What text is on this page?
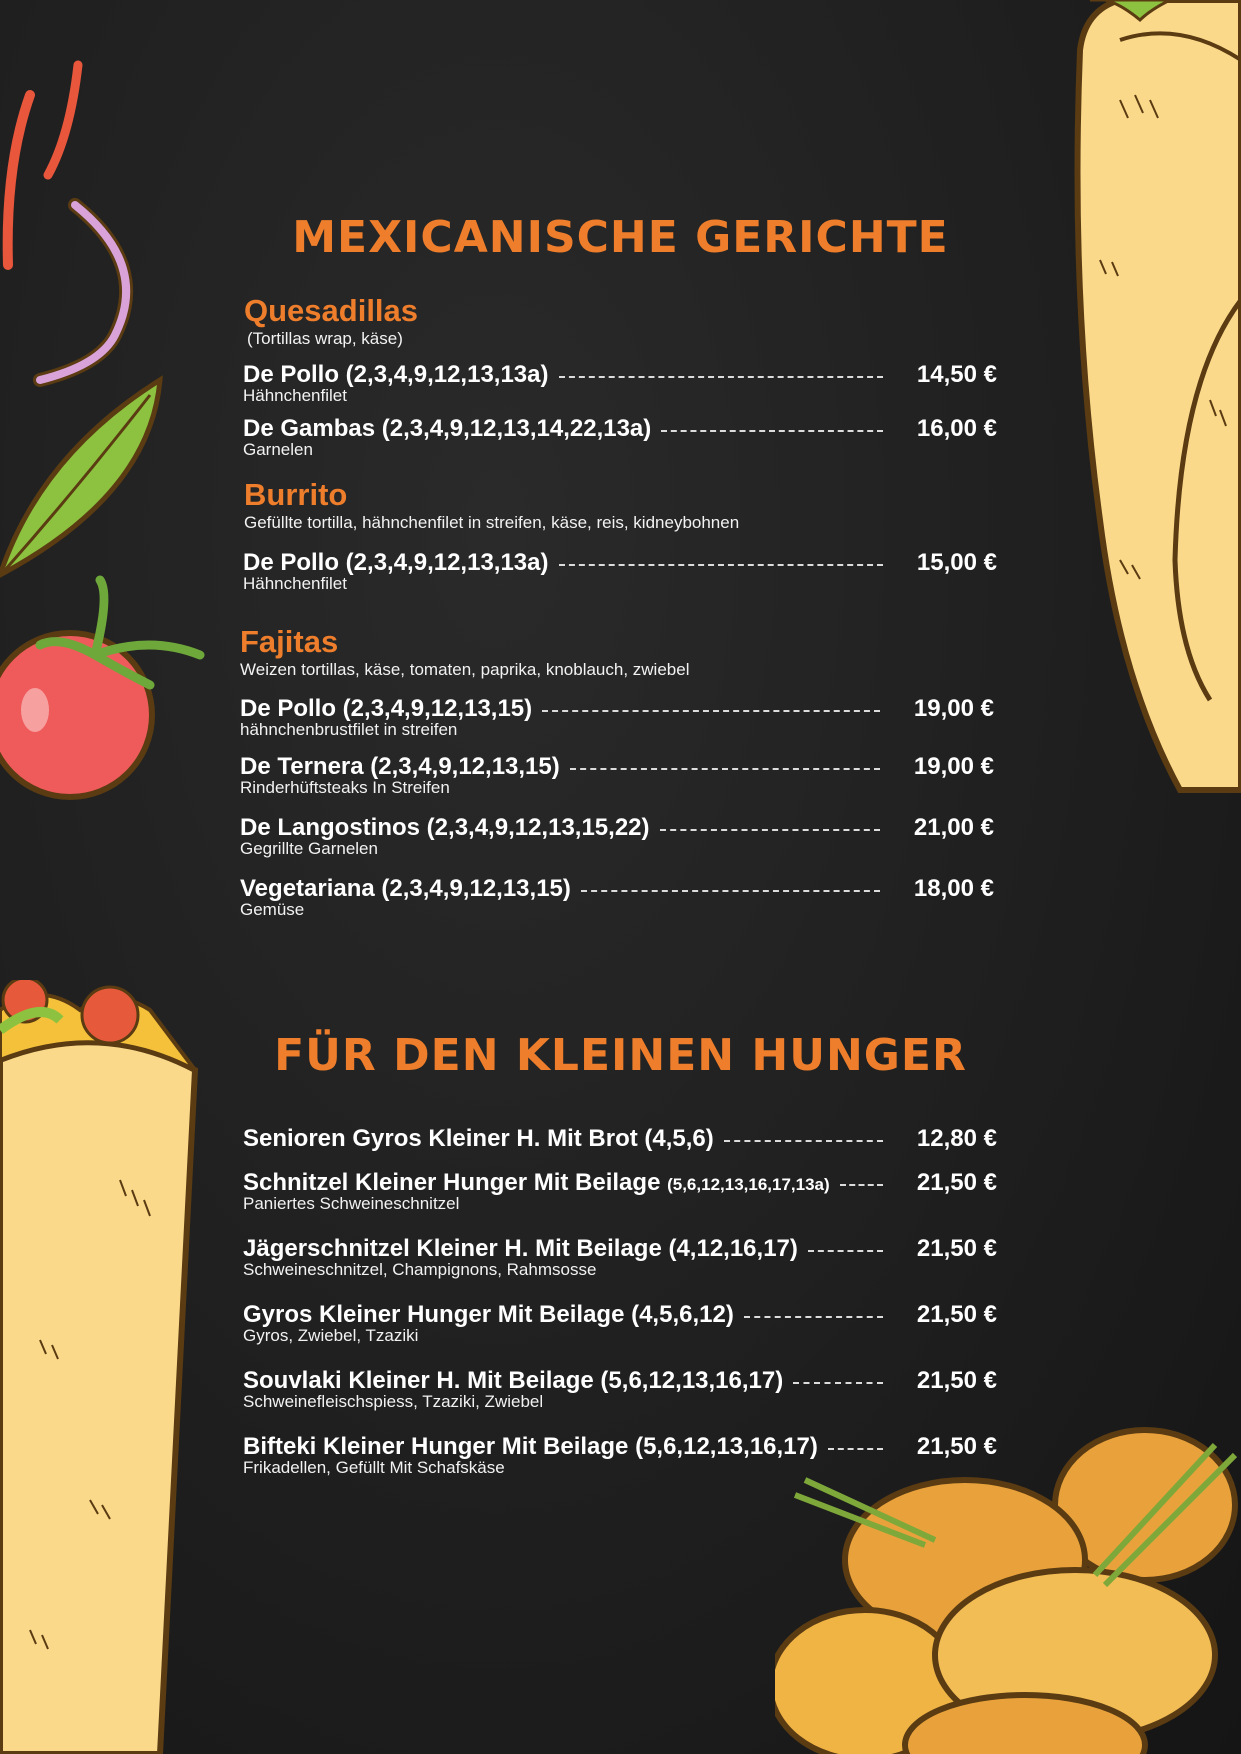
MEXICANISCHE GERICHTE
Quesadillas

(Tortillas wrap, käse)

De Pollo (2,3,4,9,12,13,13a)	14,50 €
Hähnchenfilet
De Gambas (2,3,4,9,12,13,14,22,13a)	16,00 €
Garnelen
Burrito

Gefüllte tortilla, hähnchenfilet in streifen, käse, reis, kidneybohnen

De Pollo (2,3,4,9,12,13,13a)	15,00 €
Hähnchenfilet
Fajitas

Weizen tortillas, käse, tomaten, paprika, knoblauch, zwiebel

De Pollo (2,3,4,9,12,13,15)	19,00 €
hähnchenbrustfilet in streifen
De Ternera (2,3,4,9,12,13,15)	19,00 €
Rinderhüftsteaks In Streifen
De Langostinos (2,3,4,9,12,13,15,22)	21,00 €
Gegrillte Garnelen
Vegetariana (2,3,4,9,12,13,15)	18,00 €
Gemüse
FÜR DEN KLEINEN HUNGER
Senioren Gyros Kleiner H. Mit Brot (4,5,6)	12,80 €
Schnitzel Kleiner Hunger Mit Beilage (5,6,12,13,16,17,13a)	21,50 €
Paniertes Schweineschnitzel
Jägerschnitzel Kleiner H. Mit Beilage (4,12,16,17)	21,50 €
Schweineschnitzel, Champignons, Rahmsosse
Gyros Kleiner Hunger Mit Beilage (4,5,6,12)	21,50 €
Gyros, Zwiebel, Tzaziki
Souvlaki Kleiner H. Mit Beilage (5,6,12,13,16,17)	21,50 €
Schweinefleischspiess, Tzaziki, Zwiebel
Bifteki Kleiner Hunger Mit Beilage (5,6,12,13,16,17)	21,50 €
Frikadellen, Gefüllt Mit Schafskäse
